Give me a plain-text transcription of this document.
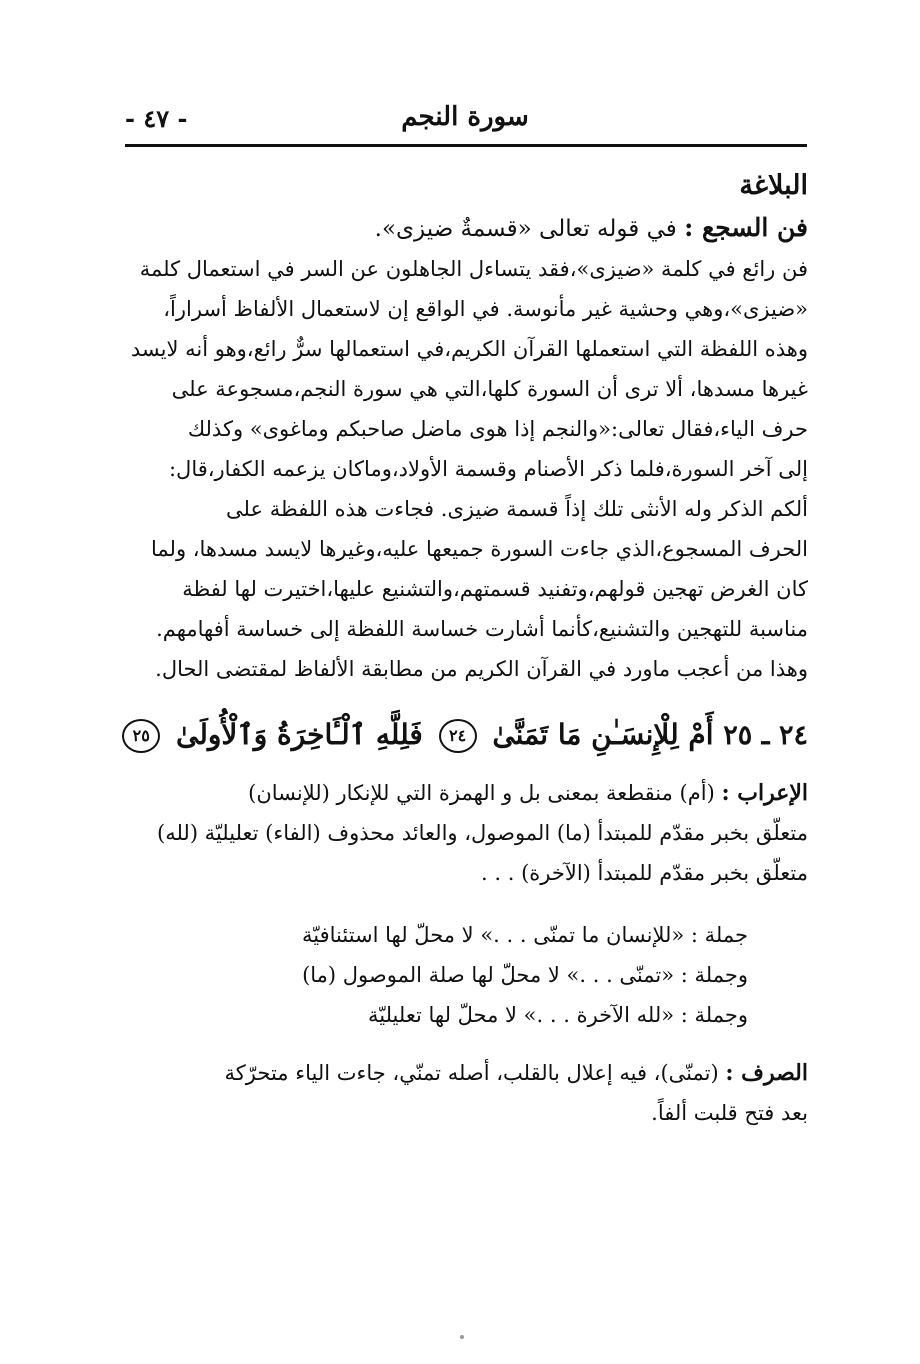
سورة النجم
- ٤٧ -
البلاغة
فن السجع : في قوله تعالى «قسمةٌ ضيزى».
فن رائع في كلمة «ضيزى»،فقد يتساءل الجاهلون عن السر في استعمال كلمة
«ضيزى»،وهي وحشية غير مأنوسة. في الواقع إن لاستعمال الألفاظ أسراراً،
وهذه اللفظة التي استعملها القرآن الكريم،في استعمالها سرٌّ رائع،وهو أنه لايسد
غيرها مسدها، ألا ترى أن السورة كلها،التي هي سورة النجم،مسجوعة على
حرف الياء،فقال تعالى:«والنجم إذا هوى ماضل صاحبكم وماغوى» وكذلك
إلى آخر السورة،فلما ذكر الأصنام وقسمة الأولاد،وماكان يزعمه الكفار،قال:
ألكم الذكر وله الأنثى تلك إذاً قسمة ضيزى. فجاءت هذه اللفظة على
الحرف المسجوع،الذي جاءت السورة جميعها عليه،وغيرها لايسد مسدها، ولما
كان الغرض تهجين قولهم،وتفنيد قسمتهم،والتشنيع عليها،اختيرت لها لفظة
مناسبة للتهجين والتشنيع،كأنما أشارت خساسة اللفظة إلى خساسة أفهامهم.
وهذا من أعجب ماورد في القرآن الكريم من مطابقة الألفاظ لمقتضى الحال.
٢٤ ـ ٢٥ أَمْ لِلْإِنسَـٰنِ مَا تَمَنَّىٰ ٢٤ فَلِلَّهِ ٱلْـَٔاخِرَةُ وَٱلْأُولَىٰ ٢٥
الإعراب : (أم) منقطعة بمعنى بل و الهمزة التي للإنكار (للإنسان)
متعلّق بخبر مقدّم للمبتدأ (ما) الموصول، والعائد محذوف (الفاء) تعليليّة (لله)
متعلّق بخبر مقدّم للمبتدأ (الآخرة) . . .
جملة : «للإنسان ما تمنّى . . .» لا محلّ لها استئنافيّة
وجملة : «تمنّى . . .» لا محلّ لها صلة الموصول (ما)
وجملة : «لله الآخرة . . .» لا محلّ لها تعليليّة
الصرف : (تمنّى)، فيه إعلال بالقلب، أصله تمنّي، جاءت الياء متحرّكة
بعد فتح قلبت ألفاً.
